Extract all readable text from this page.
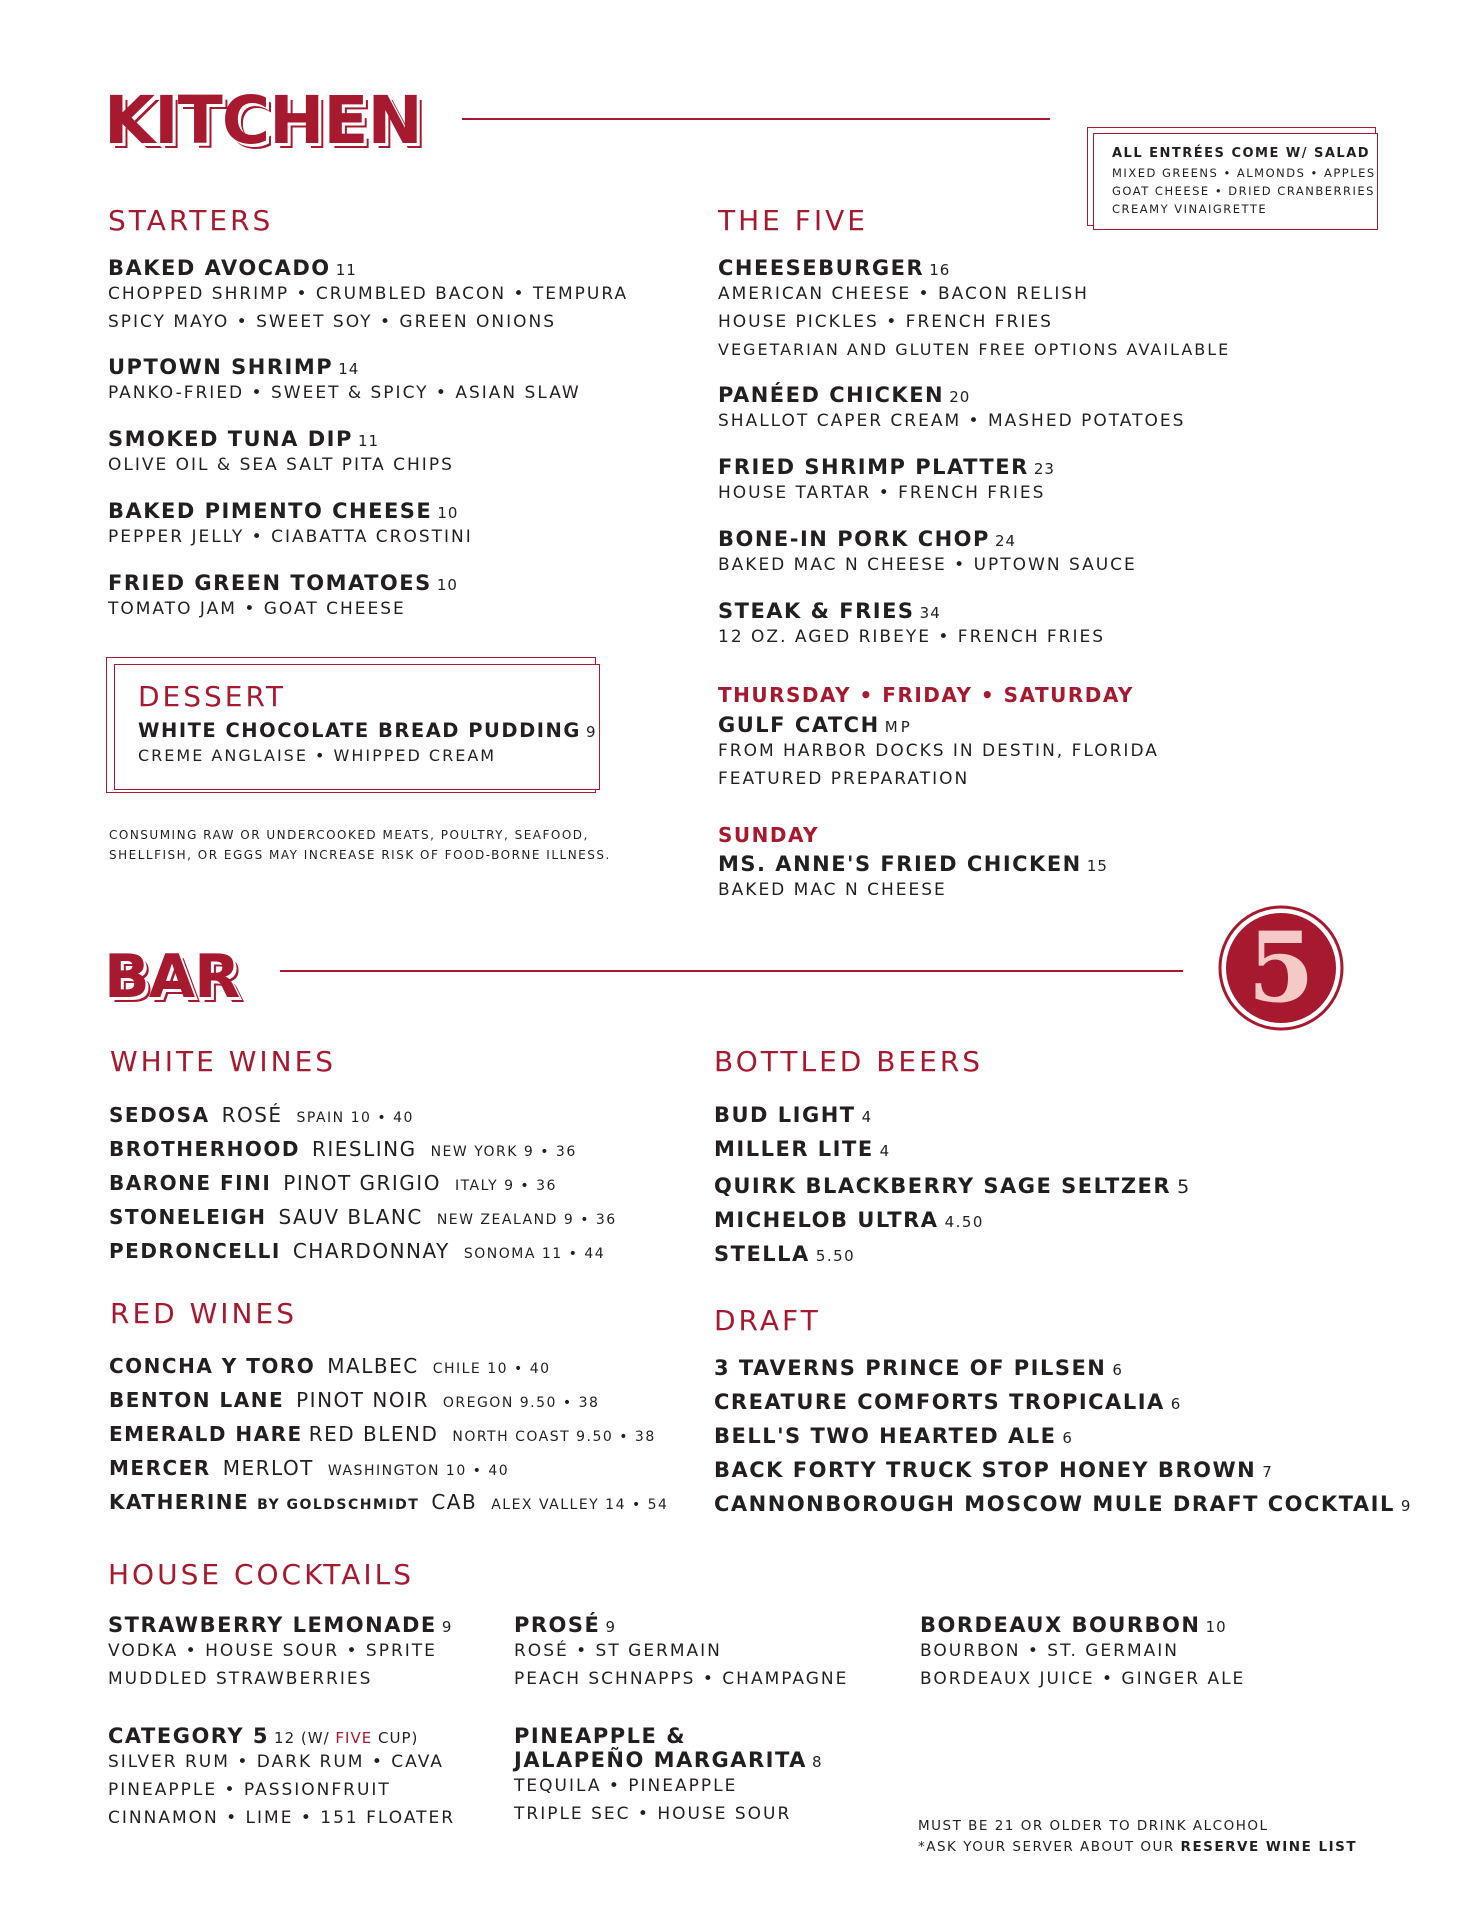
KITCHEN	ALL ENTRÉES COME W/ SALAD
MIXED GREENS • ALMONDS • APPLES
GOAT CHEESE • DRIED CRANBERRIES
CREAMY VINAIGRETTE
STARTERS
BAKED AVOCADO 11
CHOPPED SHRIMP • CRUMBLED BACON • TEMPURA
SPICY MAYO • SWEET SOY • GREEN ONIONS
UPTOWN SHRIMP 14
PANKO-FRIED • SWEET & SPICY • ASIAN SLAW
SMOKED TUNA DIP 11
OLIVE OIL & SEA SALT PITA CHIPS
BAKED PIMENTO CHEESE 10
PEPPER JELLY • CIABATTA CROSTINI
FRIED GREEN TOMATOES 10
TOMATO JAM • GOAT CHEESE
DESSERT
WHITE CHOCOLATE BREAD PUDDING 9
CREME ANGLAISE • WHIPPED CREAM
CONSUMING RAW OR UNDERCOOKED MEATS, POULTRY, SEAFOOD,
SHELLFISH, OR EGGS MAY INCREASE RISK OF FOOD-BORNE ILLNESS.
THE FIVE
CHEESEBURGER 16
AMERICAN CHEESE • BACON RELISH
HOUSE PICKLES • FRENCH FRIES
VEGETARIAN AND GLUTEN FREE OPTIONS AVAILABLE
PANÉED CHICKEN 20
SHALLOT CAPER CREAM • MASHED POTATOES
FRIED SHRIMP PLATTER 23
HOUSE TARTAR • FRENCH FRIES
BONE-IN PORK CHOP 24
BAKED MAC N CHEESE • UPTOWN SAUCE
STEAK & FRIES 34
12 OZ. AGED RIBEYE • FRENCH FRIES
THURSDAY • FRIDAY • SATURDAY
GULF CATCH MP
FROM HARBOR DOCKS IN DESTIN, FLORIDA
FEATURED PREPARATION
SUNDAY
MS. ANNE'S FRIED CHICKEN 15
BAKED MAC N CHEESE
BAR	5
WHITE WINES
SEDOSA ROSÉ SPAIN 10 • 40
BROTHERHOOD RIESLING NEW YORK 9 • 36
BARONE FINI PINOT GRIGIO ITALY 9 • 36
STONELEIGH SAUV BLANC NEW ZEALAND 9 • 36
PEDRONCELLI CHARDONNAY SONOMA 11 • 44
RED WINES
CONCHA Y TORO MALBEC CHILE 10 • 40
BENTON LANE PINOT NOIR OREGON 9.50 • 38
EMERALD HARE RED BLEND NORTH COAST 9.50 • 38
MERCER MERLOT WASHINGTON 10 • 40
KATHERINE BY GOLDSCHMIDT CAB ALEX VALLEY 14 • 54
BOTTLED BEERS
BUD LIGHT 4
MILLER LITE 4
QUIRK BLACKBERRY SAGE SELTZER 5
MICHELOB ULTRA 4.50
STELLA 5.50
DRAFT
3 TAVERNS PRINCE OF PILSEN 6
CREATURE COMFORTS TROPICALIA 6
BELL'S TWO HEARTED ALE 6
BACK FORTY TRUCK STOP HONEY BROWN 7
CANNONBOROUGH MOSCOW MULE DRAFT COCKTAIL 9
HOUSE COCKTAILS
STRAWBERRY LEMONADE 9
VODKA • HOUSE SOUR • SPRITE
MUDDLED STRAWBERRIES
PROSÉ 9
ROSÉ • ST GERMAIN
PEACH SCHNAPPS • CHAMPAGNE
BORDEAUX BOURBON 10
BOURBON • ST. GERMAIN
BORDEAUX JUICE • GINGER ALE
CATEGORY 5 12 (W/ FIVE CUP)
SILVER RUM • DARK RUM • CAVA
PINEAPPLE • PASSIONFRUIT
CINNAMON • LIME • 151 FLOATER
PINEAPPLE &
JALAPEÑO MARGARITA 8
TEQUILA • PINEAPPLE
TRIPLE SEC • HOUSE SOUR
MUST BE 21 OR OLDER TO DRINK ALCOHOL
*ASK YOUR SERVER ABOUT OUR RESERVE WINE LIST
